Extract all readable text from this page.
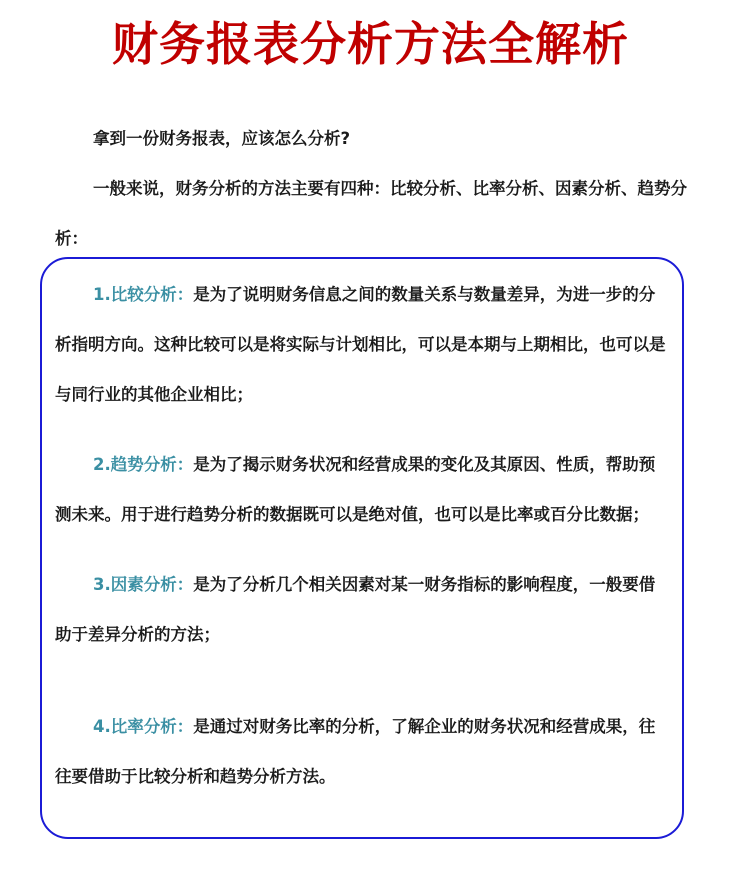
财务报表分析方法全解析

拿到一份财务报表，应该怎么分析?

一般来说，财务分析的方法主要有四种：比较分析、比率分析、因素分析、趋势分析：

1.比较分析：是为了说明财务信息之间的数量关系与数量差异，为进一步的分析指明方向。这种比较可以是将实际与计划相比，可以是本期与上期相比，也可以是与同行业的其他企业相比；

2.趋势分析：是为了揭示财务状况和经营成果的变化及其原因、性质，帮助预测未来。用于进行趋势分析的数据既可以是绝对值，也可以是比率或百分比数据；

3.因素分析：是为了分析几个相关因素对某一财务指标的影响程度，一般要借助于差异分析的方法；

4.比率分析：是通过对财务比率的分析，了解企业的财务状况和经营成果，往往要借助于比较分析和趋势分析方法。
